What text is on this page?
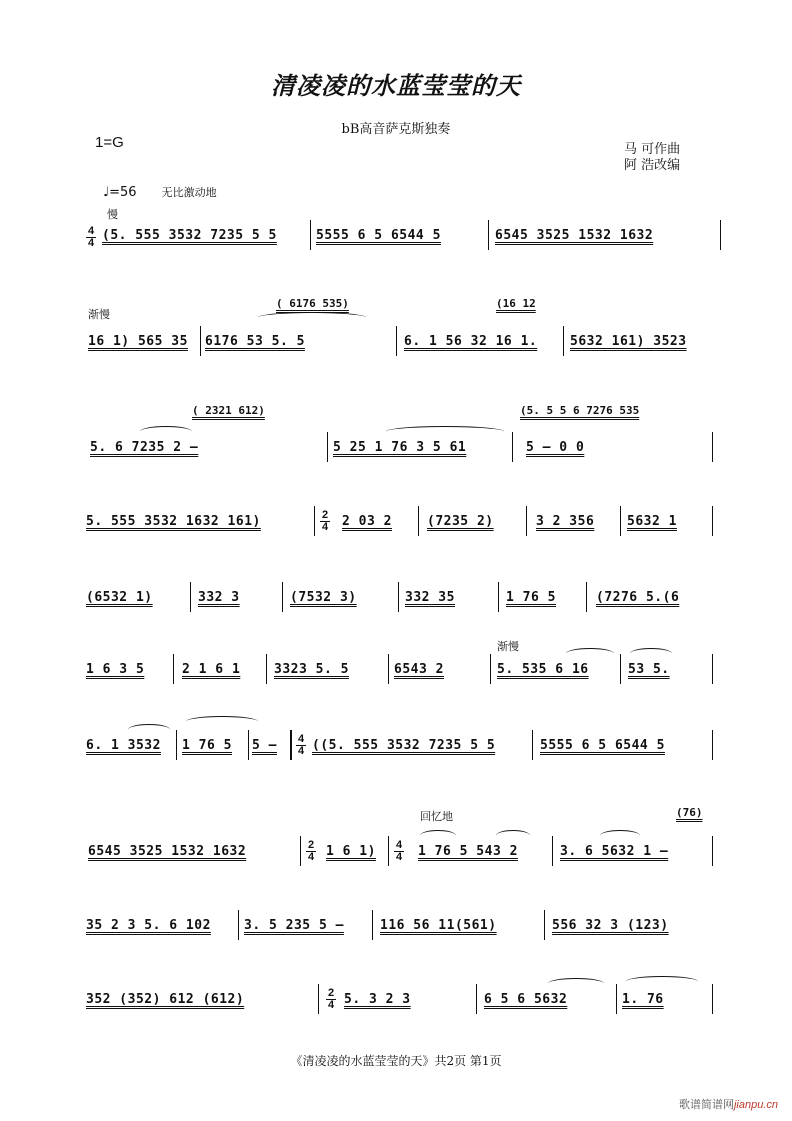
清凌凌的水蓝莹莹的天
bB高音萨克斯独奏
1=G	马 可作曲
阿 浩改编
♩=56 无比激动地
慢
4
4 (5. 555 3532 7235 5 5	5555 6 5 6544 5	6545 3525 1532 1632
渐慢
( 6176 535)	(16 12
16 1) 565 35 6176 53 5. 5	6. 1 56 32 16 1.	5632 161) 3523
( 2321 612)	(5. 5 5 6 7276 535
5. 6 7235 2 –	5 25 1 76 3 5 61	5 – 0 0
5. 555 3532 1632 161)	2
4 2 03 2	(7235 2)	3 2 356	5632 1
(6532 1)	332 3	(7532 3)	332 35	1 76 5	(7276 5.(6
渐慢
1 6 3 5	2 1 6 1	3323 5. 5	6543 2	5. 535 6 16	53 5.
6. 1 3532 1 76 5 5 – 4
4 ((5. 555 3532 7235 5 5	5555 6 5 6544 5
回忆地	(76)
6545 3525 1532 1632	2
4 1 6 1) 4
4 1 76 5 543 2	3. 6 5632 1 –
35 2 3 5. 6 102	3. 5 235 5 –	116 56 11(561)	556 32 3 (123)
352 (352) 612 (612)	2
4 5. 3 2 3	6 5 6 5632	1. 76
《清凌凌的水蓝莹莹的天》共2页 第1页
歌谱简谱网jianpu.cn
